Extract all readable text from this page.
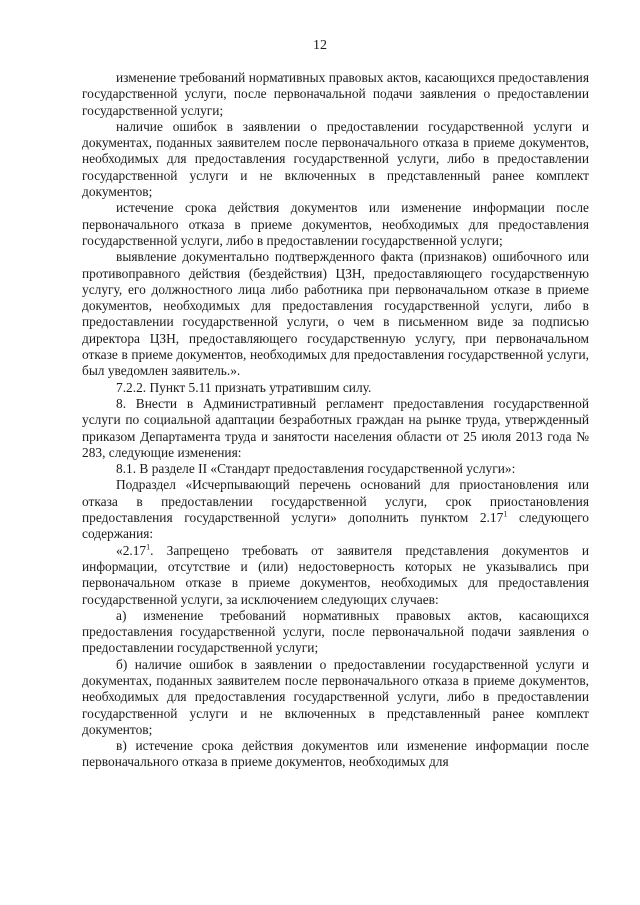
12

изменение требований нормативных правовых актов, касающихся предоставления государственной услуги, после первоначальной подачи заявления о предоставлении государственной услуги;

наличие ошибок в заявлении о предоставлении государственной услуги и документах, поданных заявителем после первоначального отказа в приеме документов, необходимых для предоставления государственной услуги, либо в предоставлении государственной услуги и не включенных в представленный ранее комплект документов;

истечение срока действия документов или изменение информации после первоначального отказа в приеме документов, необходимых для предоставления государственной услуги, либо в предоставлении государственной услуги;

выявление документально подтвержденного факта (признаков) ошибочного или противоправного действия (бездействия) ЦЗН, предоставляющего государственную услугу, его должностного лица либо работника при первоначальном отказе в приеме документов, необходимых для предоставления государственной услуги, либо в предоставлении государственной услуги, о чем в письменном виде за подписью директора ЦЗН, предоставляющего государственную услугу, при первоначальном отказе в приеме документов, необходимых для предоставления государственной услуги, был уведомлен заявитель.».

7.2.2. Пункт 5.11 признать утратившим силу.

8. Внести в Административный регламент предоставления государственной услуги по социальной адаптации безработных граждан на рынке труда, утвержденный приказом Департамента труда и занятости населения области от 25 июля 2013 года № 283, следующие изменения:

8.1. В разделе II «Стандарт предоставления государственной услуги»:

Подраздел «Исчерпывающий перечень оснований для приостановления или отказа в предоставлении государственной услуги, срок приостановления предоставления государственной услуги» дополнить пунктом 2.17$^1$ следующего содержания:

«2.17$^1$. Запрещено требовать от заявителя представления документов и информации, отсутствие и (или) недостоверность которых не указывались при первоначальном отказе в приеме документов, необходимых для предоставления государственной услуги, за исключением следующих случаев:

а) изменение требований нормативных правовых актов, касающихся предоставления государственной услуги, после первоначальной подачи заявления о предоставлении государственной услуги;

б) наличие ошибок в заявлении о предоставлении государственной услуги и документах, поданных заявителем после первоначального отказа в приеме документов, необходимых для предоставления государственной услуги, либо в предоставлении государственной услуги и не включенных в представленный ранее комплект документов;

в) истечение срока действия документов или изменение информации после первоначального отказа в приеме документов, необходимых для
